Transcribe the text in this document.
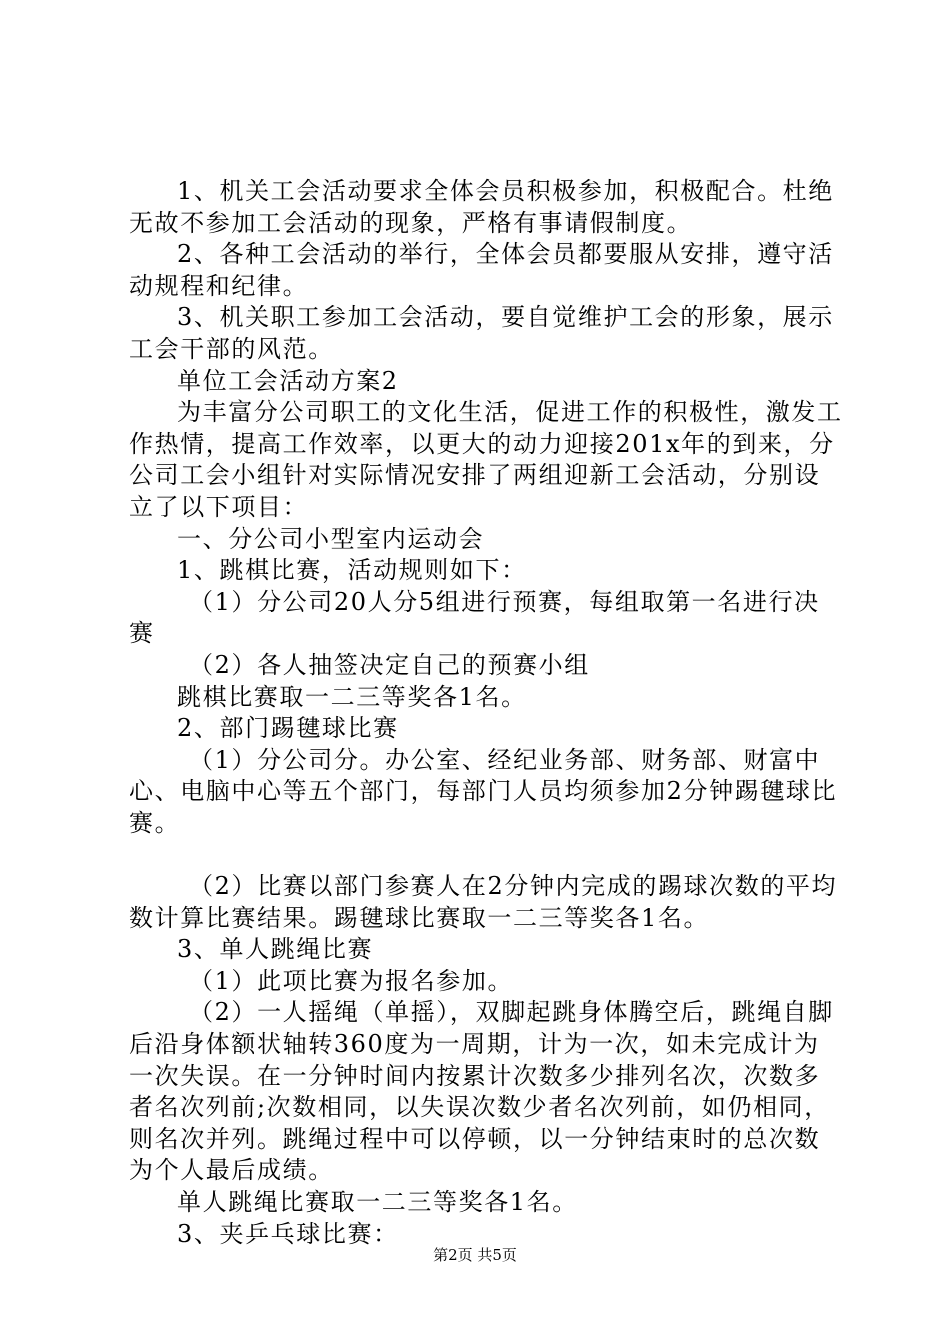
1、机关工会活动要求全体会员积极参加，积极配合。杜绝无故不参加工会活动的现象，严格有事请假制度。

2、各种工会活动的举行，全体会员都要服从安排，遵守活动规程和纪律。

3、机关职工参加工会活动，要自觉维护工会的形象，展示工会干部的风范。

单位工会活动方案2

为丰富分公司职工的文化生活，促进工作的积极性，激发工作热情，提高工作效率，以更大的动力迎接201x年的到来，分公司工会小组针对实际情况安排了两组迎新工会活动，分别设立了以下项目：

一、分公司小型室内运动会

1、跳棋比赛，活动规则如下：

（1）分公司20人分5组进行预赛，每组取第一名进行决赛

（2）各人抽签决定自己的预赛小组

跳棋比赛取一二三等奖各1名。

2、部门踢毽球比赛

（1）分公司分。办公室、经纪业务部、财务部、财富中心、电脑中心等五个部门，每部门人员均须参加2分钟踢毽球比赛。

（2）比赛以部门参赛人在2分钟内完成的踢球次数的平均数计算比赛结果。踢毽球比赛取一二三等奖各1名。

3、单人跳绳比赛

（1）此项比赛为报名参加。

（2）一人摇绳（单摇），双脚起跳身体腾空后，跳绳自脚后沿身体额状轴转360度为一周期，计为一次，如未完成计为一次失误。在一分钟时间内按累计次数多少排列名次，次数多者名次列前;次数相同，以失误次数少者名次列前，如仍相同，则名次并列。跳绳过程中可以停顿，以一分钟结束时的总次数为个人最后成绩。

单人跳绳比赛取一二三等奖各1名。

3、夹乒乓球比赛：

第2页 共5页
